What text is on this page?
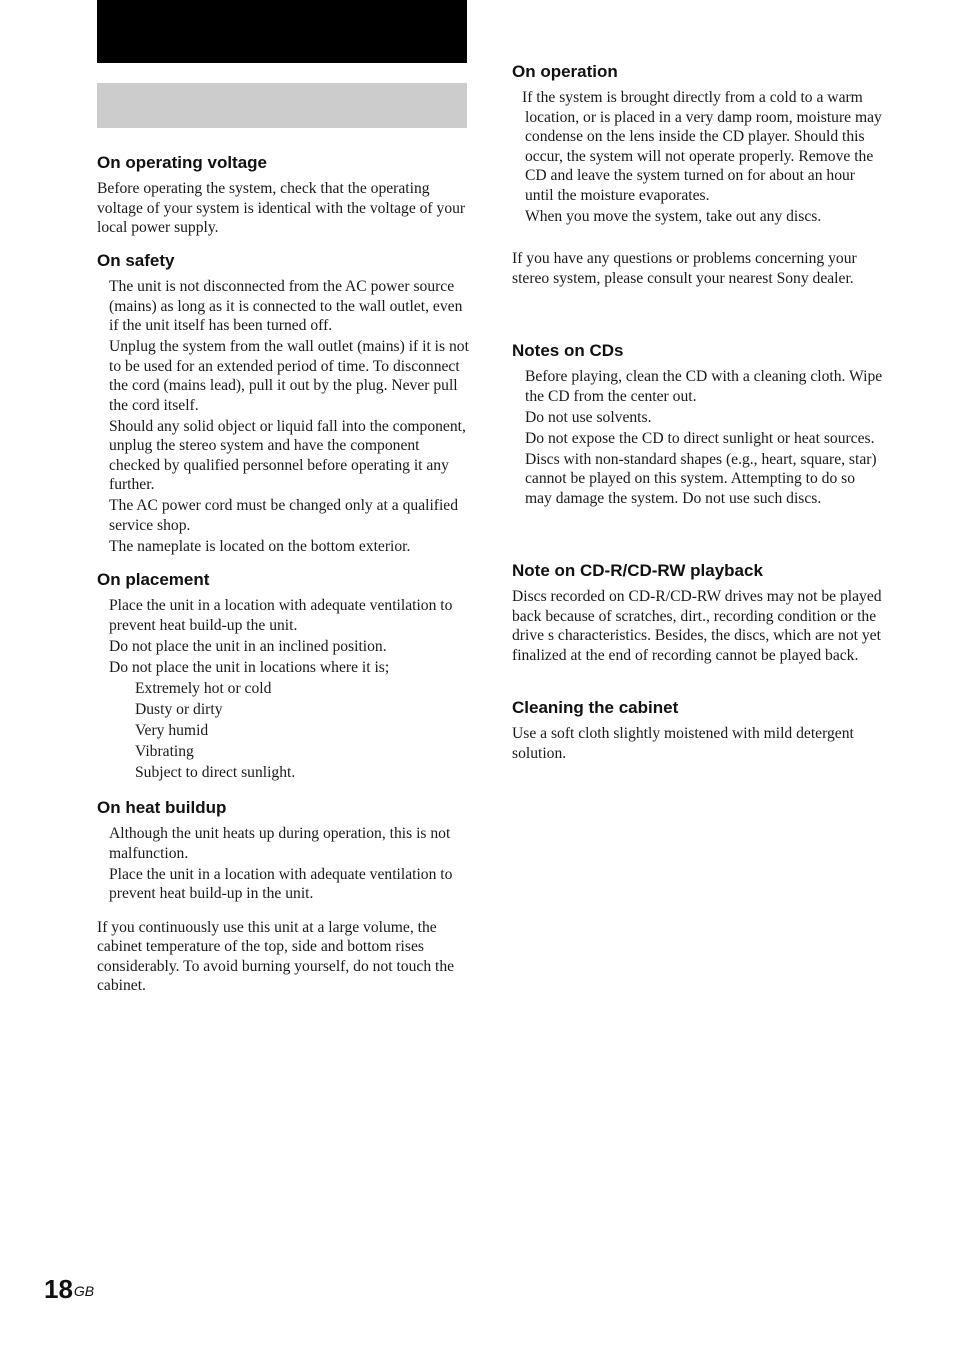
On operating voltage

Before operating the system, check that the operating voltage of your system is identical with the voltage of your local power supply.

On safety

The unit is not disconnected from the AC power source (mains) as long as it is connected to the wall outlet, even if the unit itself has been turned off.

Unplug the system from the wall outlet (mains) if it is not to be used for an extended period of time. To disconnect the cord (mains lead), pull it out by the plug. Never pull the cord itself.

Should any solid object or liquid fall into the component, unplug the stereo system and have the component checked by qualified personnel before operating it any further.

The AC power cord must be changed only at a qualified service shop.

The nameplate is located on the bottom exterior.

On placement

Place the unit in a location with adequate ventilation to prevent heat build-up the unit.

Do not place the unit in an inclined position.

Do not place the unit in locations where it is;

Extremely hot or cold

Dusty or dirty

Very humid

Vibrating

Subject to direct sunlight.

On heat buildup

Although the unit heats up during operation, this is not malfunction.

Place the unit in a location with adequate ventilation to prevent heat build-up in the unit.

If you continuously use this unit at a large volume, the cabinet temperature of the top, side and bottom rises considerably. To avoid burning yourself, do not touch the cabinet.

On operation

If the system is brought directly from a cold to a warm location, or is placed in a very damp room, moisture may condense on the lens inside the CD player. Should this occur, the system will not operate properly. Remove the CD and leave the system turned on for about an hour until the moisture evaporates.

When you move the system, take out any discs.

If you have any questions or problems concerning your stereo system, please consult your nearest Sony dealer.

Notes on CDs

Before playing, clean the CD with a cleaning cloth. Wipe the CD from the center out.

Do not use solvents.

Do not expose the CD to direct sunlight or heat sources.

Discs with non-standard shapes (e.g., heart, square, star) cannot be played on this system. Attempting to do so may damage the system. Do not use such discs.

Note on CD-R/CD-RW playback

Discs recorded on CD-R/CD-RW drives may not be played back because of scratches, dirt., recording condition or the drive s characteristics. Besides, the discs, which are not yet finalized at the end of recording cannot be played back.

Cleaning the cabinet

Use a soft cloth slightly moistened with mild detergent solution.

$18^{GB}$
